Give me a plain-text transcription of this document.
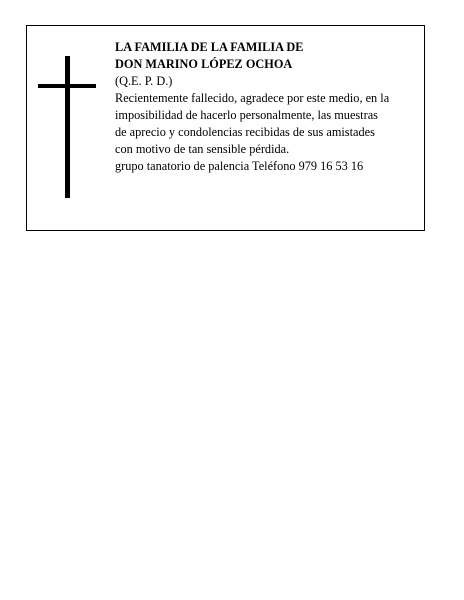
LA FAMILIA DE LA FAMILIA DE
DON MARINO LÓPEZ OCHOA
(Q.E. P. D.)
Recientemente fallecido, agradece por este medio, en la
imposibilidad de hacerlo personalmente, las muestras
de aprecio y condolencias recibidas de sus amistades
con motivo de tan sensible pérdida.
grupo tanatorio de palencia Teléfono 979 16 53 16
